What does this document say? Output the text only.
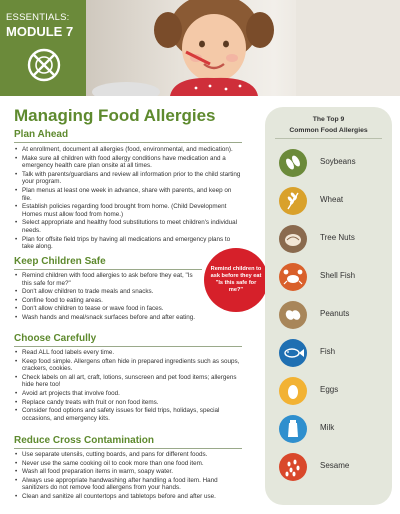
ESSENTIALS:
MODULE 7
Managing Food Allergies
Plan Ahead
• At enrollment, document all allergies (food, environmental, and medication).
• Make sure all children with food allergy conditions have medication and a emergency health care plan onsite at all times.
• Talk with parents/guardians and review all information prior to the child starting your program.
• Plan menus at least one week in advance, share with parents, and keep on file.
• Establish policies regarding food brought from home. (Child Development Homes must allow food from home.)
• Select appropriate and healthy food substitutions to meet children's individual needs.
• Plan for offsite field trips by having all medications and emergency plans to take along.
Keep Children Safe
• Remind children with food allergies to ask before they eat, "Is this safe for me?"
• Don't allow children to trade meals and snacks.
• Confine food to eating areas.
• Don't allow children to tease or wave food in faces.
• Wash hands and meal/snack surfaces before and after eating.
Remind children to ask before they eat "Is this safe for me?"
Choose Carefully
• Read ALL food labels every time.
• Keep food simple. Allergens often hide in prepared ingredients such as soups, crackers, cookies.
• Check labels on all art, craft, lotions, sunscreen and pet food items; allergens hide here too!
• Avoid art projects that involve food.
• Replace candy treats with fruit or non food items.
• Consider food options and safety issues for field trips, holidays, special occasions, and emergency kits.
Reduce Cross Contamination
• Use separate utensils, cutting boards, and pans for different foods.
• Never use the same cooking oil to cook more than one food item.
• Wash all food preparation items in warm, soapy water.
• Always use appropriate handwashing after handling a food item. Hand sanitizers do not remove food allergens from your hands.
• Clean and sanitize all countertops and tabletops before and after use.
The Top 9
Common Food Allergies
Soybeans
Wheat
Tree Nuts
Shell Fish
Peanuts
Fish
Eggs
Milk
Sesame
